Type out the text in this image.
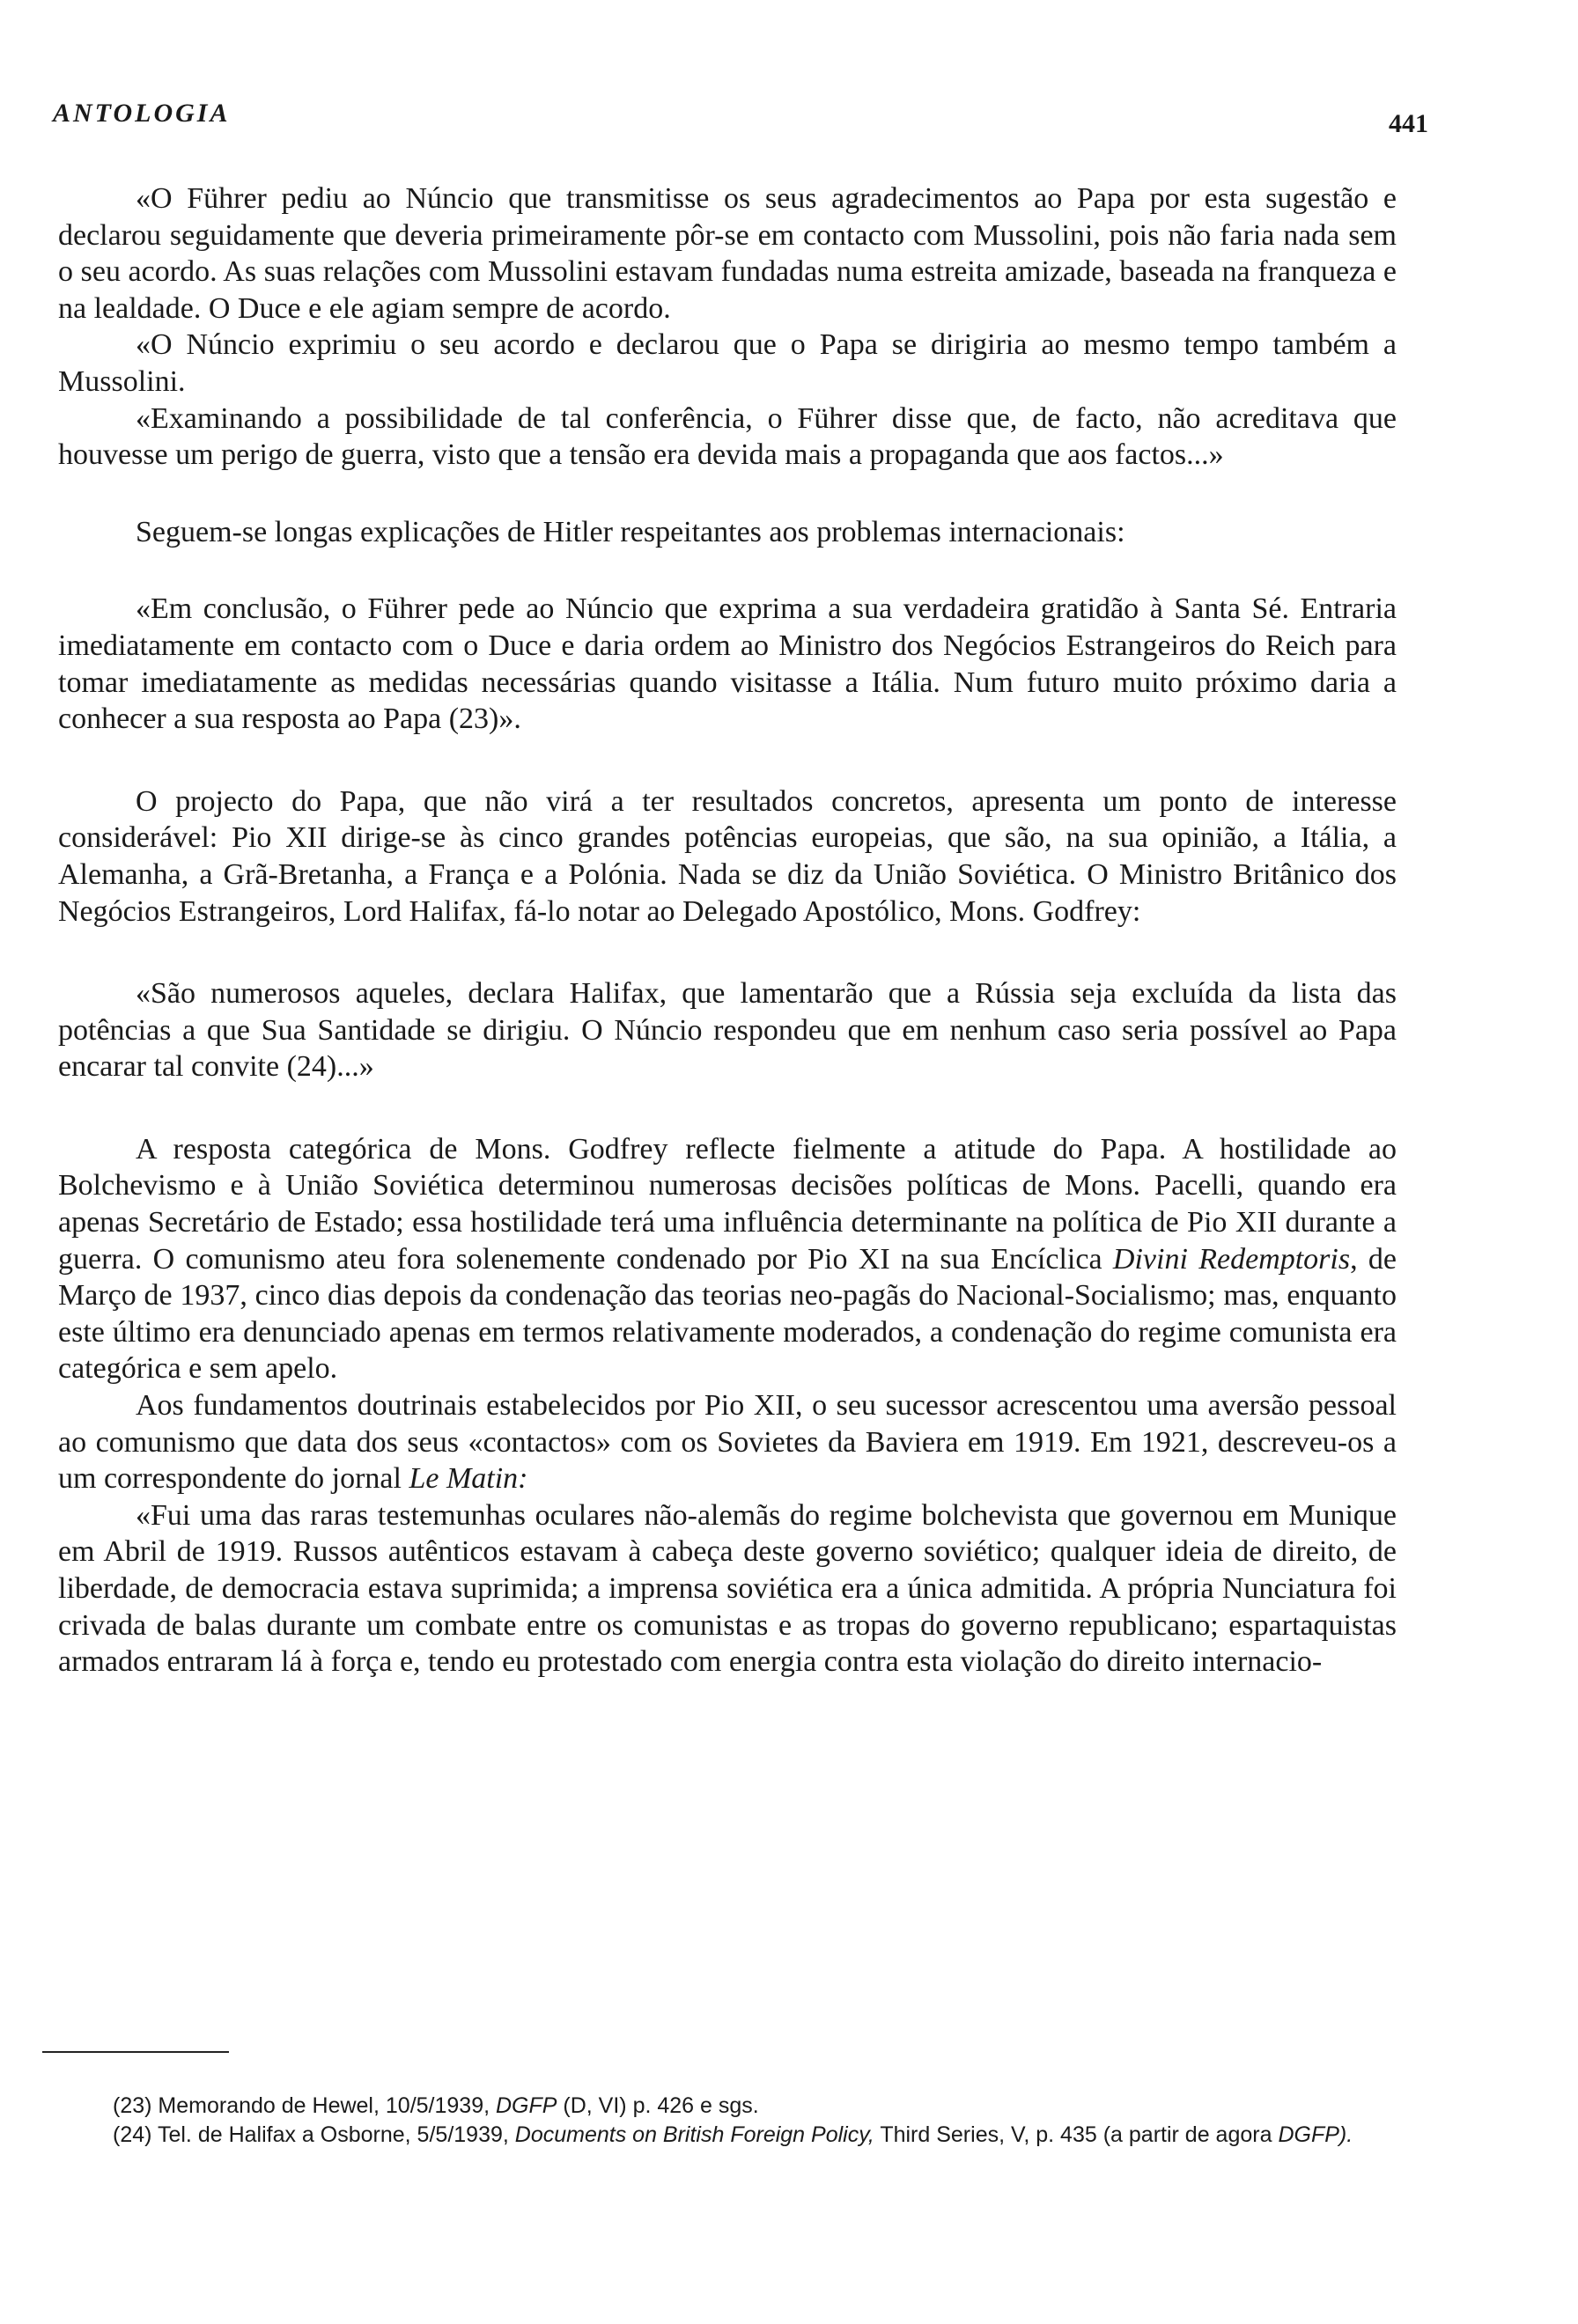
ANTOLOGIA	441

«O Führer pediu ao Núncio que transmitisse os seus agradecimentos ao Papa por esta sugestão e declarou seguidamente que deveria primeiramente pôr-se em contacto com Mussolini, pois não faria nada sem o seu acordo. As suas relações com Mussolini estavam fundadas numa estreita amizade, baseada na franqueza e na lealdade. O Duce e ele agiam sempre de acordo.

«O Núncio exprimiu o seu acordo e declarou que o Papa se dirigiria ao mesmo tempo também a Mussolini.

«Examinando a possibilidade de tal conferência, o Führer disse que, de facto, não acreditava que houvesse um perigo de guerra, visto que a tensão era devida mais a propaganda que aos factos...»

Seguem-se longas explicações de Hitler respeitantes aos problemas internacionais:

«Em conclusão, o Führer pede ao Núncio que exprima a sua verdadeira gratidão à Santa Sé. Entraria imediatamente em contacto com o Duce e daria ordem ao Ministro dos Negócios Estrangeiros do Reich para tomar imediatamente as medidas necessárias quando visitasse a Itália. Num futuro muito próximo daria a conhecer a sua resposta ao Papa (23)».

O projecto do Papa, que não virá a ter resultados concretos, apresenta um ponto de interesse considerável: Pio XII dirige-se às cinco grandes potências europeias, que são, na sua opinião, a Itália, a Alemanha, a Grã-Bretanha, a França e a Polónia. Nada se diz da União Soviética. O Ministro Britânico dos Negócios Estrangeiros, Lord Halifax, fá-lo notar ao Delegado Apostólico, Mons. Godfrey:

«São numerosos aqueles, declara Halifax, que lamentarão que a Rússia seja excluída da lista das potências a que Sua Santidade se dirigiu. O Núncio respondeu que em nenhum caso seria possível ao Papa encarar tal convite (24)...»

A resposta categórica de Mons. Godfrey reflecte fielmente a atitude do Papa. A hostilidade ao Bolchevismo e à União Soviética determinou numerosas decisões políticas de Mons. Pacelli, quando era apenas Secretário de Estado; essa hostilidade terá uma influência determinante na política de Pio XII durante a guerra. O comunismo ateu fora solenemente condenado por Pio XI na sua Encíclica Divini Redemptoris, de Março de 1937, cinco dias depois da condenação das teorias neo-pagãs do Nacional-Socialismo; mas, enquanto este último era denunciado apenas em termos relativamente moderados, a condenação do regime comunista era categórica e sem apelo.

Aos fundamentos doutrinais estabelecidos por Pio XII, o seu sucessor acrescentou uma aversão pessoal ao comunismo que data dos seus «contactos» com os Sovietes da Baviera em 1919. Em 1921, descreveu-os a um correspondente do jornal Le Matin:

«Fui uma das raras testemunhas oculares não-alemãs do regime bolchevista que governou em Munique em Abril de 1919. Russos autênticos estavam à cabeça deste governo soviético; qualquer ideia de direito, de liberdade, de democracia estava suprimida; a imprensa soviética era a única admitida. A própria Nunciatura foi crivada de balas durante um combate entre os comunistas e as tropas do governo republicano; espartaquistas armados entraram lá à força e, tendo eu protestado com energia contra esta violação do direito internacio-

(23) Memorando de Hewel, 10/5/1939, DGFP (D, VI) p. 426 e sgs.

(24) Tel. de Halifax a Osborne, 5/5/1939, Documents on British Foreign Policy, Third Series, V, p. 435 (a partir de agora DGFP).
